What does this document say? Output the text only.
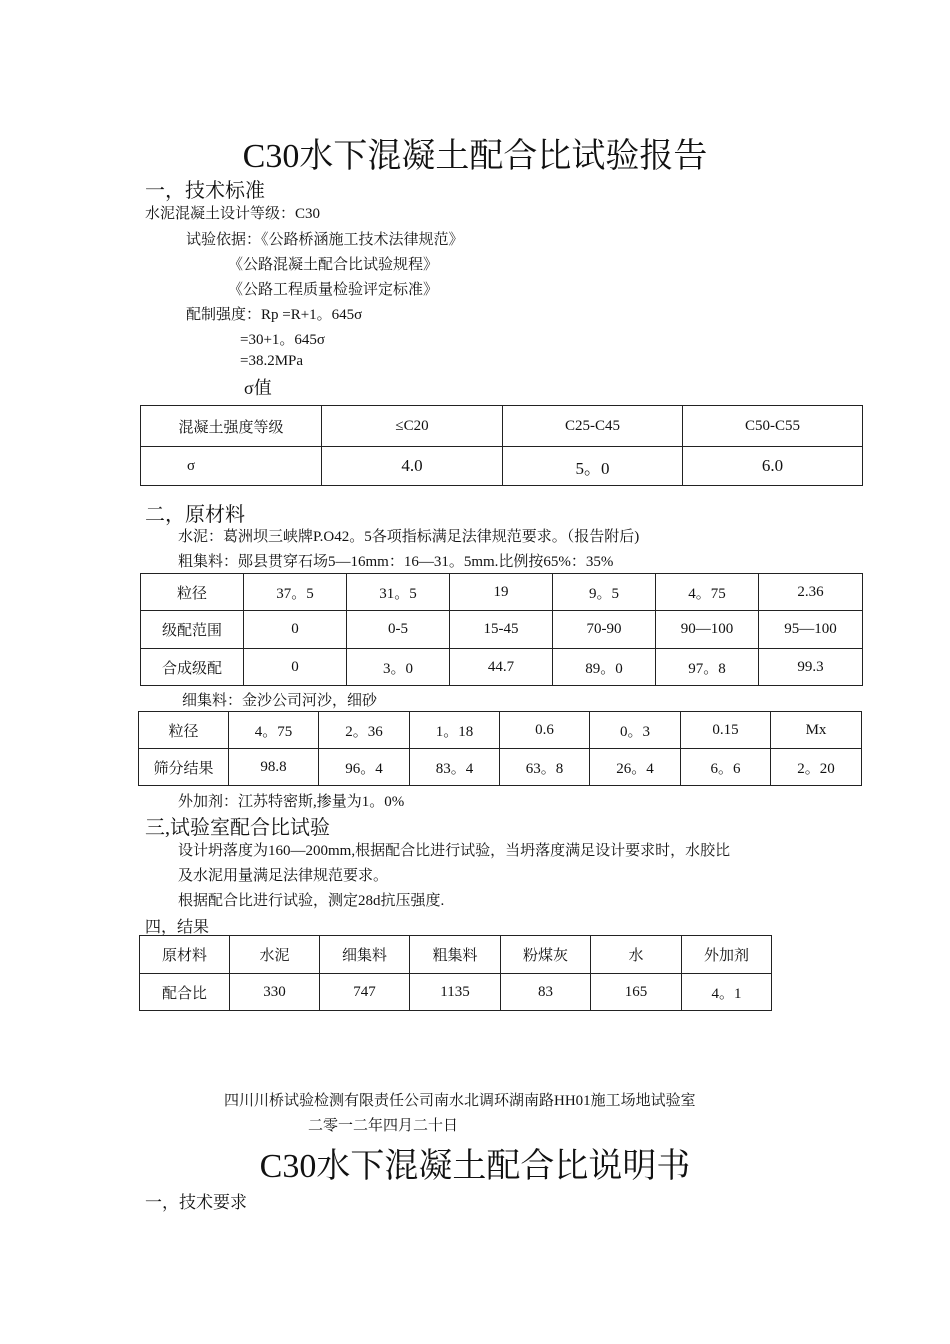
C30水下混凝土配合比试验报告
一，技术标准
水泥混凝土设计等级：C30
试验依据：《公路桥涵施工技术法律规范》
《公路混凝土配合比试验规程》
《公路工程质量检验评定标准》
配制强度：Rp =R+1。645σ
=30+1。645σ
=38.2MPa
σ值
混凝土强度等级	≤C20	C25-C45	C50-C55
σ	4.0	5。0	6.0
二，原材料
水泥：葛洲坝三峡牌P.O42。5各项指标满足法律规范要求。（报告附后)
粗集料：郧县贯穿石场5—16mm：16—31。5mm.比例按65%：35%
粒径	37。5	31。5	19	9。5	4。75	2.36
级配范围	0	0-5	15-45	70-90	90—100	95—100
合成级配	0	3。0	44.7	89。0	97。8	99.3
细集料：金沙公司河沙，细砂
粒径	4。75	2。36	1。18	0.6	0。3	0.15	Mx
筛分结果	98.8	96。4	83。4	63。8	26。4	6。6	2。20
外加剂：江苏特密斯,掺量为1。0%
三,试验室配合比试验
设计坍落度为160—200mm,根据配合比进行试验，当坍落度满足设计要求时，水胶比
及水泥用量满足法律规范要求。
根据配合比进行试验，测定28d抗压强度.
四，结果
原材料	水泥	细集料	粗集料	粉煤灰	水	外加剂
配合比	330	747	1135	83	165	4。1
四川川桥试验检测有限责任公司南水北调环湖南路HH01施工场地试验室
二零一二年四月二十日
C30水下混凝土配合比说明书
一，技术要求
